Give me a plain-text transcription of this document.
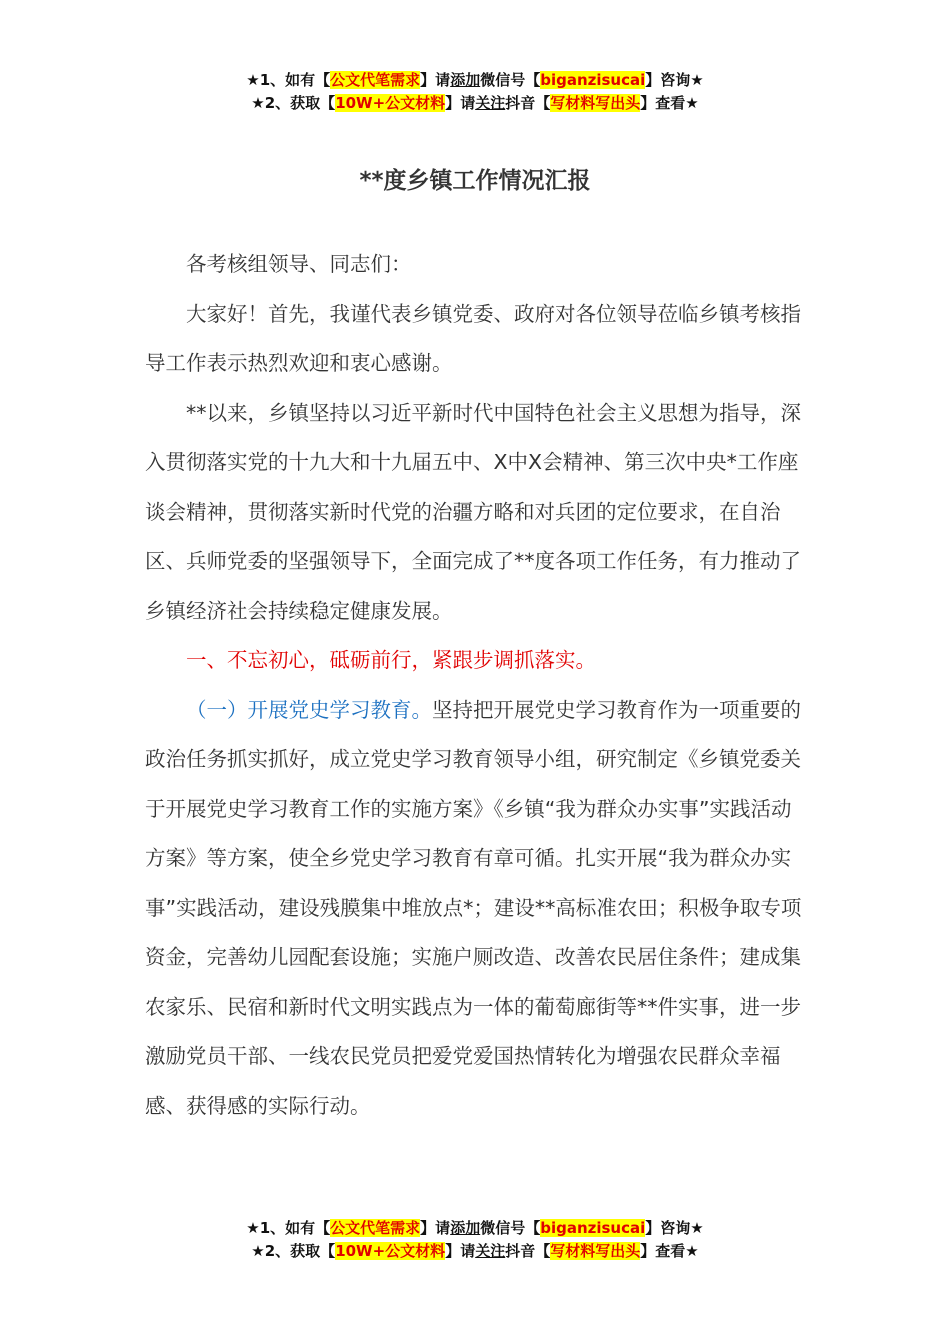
★1、如有【公文代笔需求】请添加微信号【biganzisucai】咨询★
★2、获取【10W+公文材料】请关注抖音【写材料写出头】查看★
**度乡镇工作情况汇报

各考核组领导、同志们：

大家好！首先，我谨代表乡镇党委、政府对各位领导莅临乡镇考核指导工作表示热烈欢迎和衷心感谢。

**以来，乡镇坚持以习近平新时代中国特色社会主义思想为指导，深入贯彻落实党的十九大和十九届五中、X中X会精神、第三次中央*工作座谈会精神，贯彻落实新时代党的治疆方略和对兵团的定位要求，在自治区、兵师党委的坚强领导下，全面完成了**度各项工作任务，有力推动了乡镇经济社会持续稳定健康发展。

一、不忘初心，砥砺前行，紧跟步调抓落实。

（一）开展党史学习教育。坚持把开展党史学习教育作为一项重要的政治任务抓实抓好，成立党史学习教育领导小组，研究制定《乡镇党委关于开展党史学习教育工作的实施方案》《乡镇“我为群众办实事”实践活动方案》等方案，使全乡党史学习教育有章可循。扎实开展“我为群众办实事”实践活动，建设残膜集中堆放点*；建设**高标准农田；积极争取专项资金，完善幼儿园配套设施；实施户厕改造、改善农民居住条件；建成集农家乐、民宿和新时代文明实践点为一体的葡萄廊街等**件实事，进一步激励党员干部、一线农民党员把爱党爱国热情转化为增强农民群众幸福感、获得感的实际行动。

★1、如有【公文代笔需求】请添加微信号【biganzisucai】咨询★
★2、获取【10W+公文材料】请关注抖音【写材料写出头】查看★
